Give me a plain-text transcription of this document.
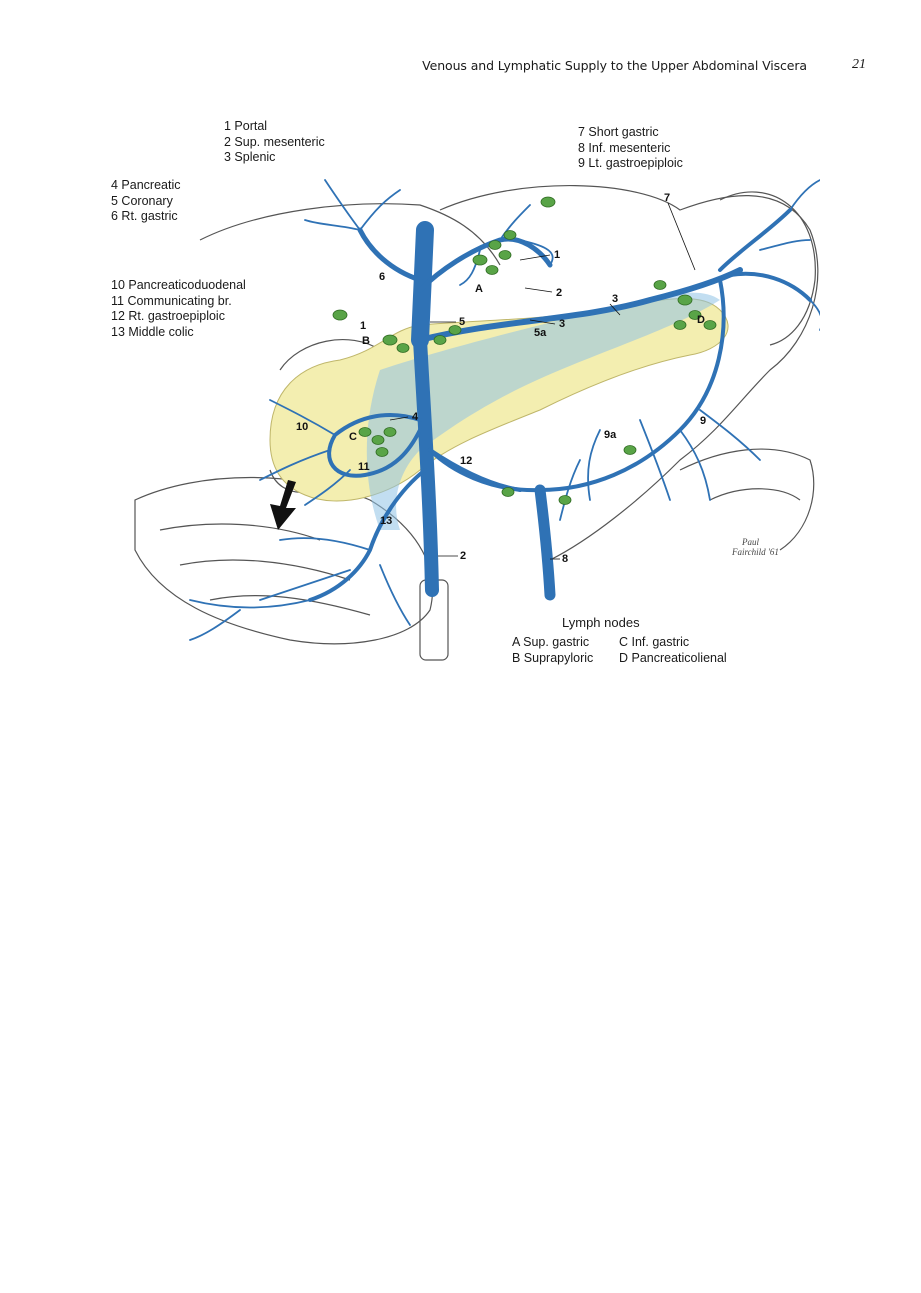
Venous and Lymphatic Supply to the Upper Abdominal Viscera	21
1 Portal
2 Sup. mesenteric
3 Splenic
4 Pancreatic
5 Coronary
6 Rt. gastric
10 Pancreaticoduodenal
11 Communicating br.
12 Rt. gastroepiploic
13 Middle colic
7 Short gastric
8 Inf. mesenteric
9 Lt. gastroepiploic
1
1
2
2
3
3
4
5
5a
6
7
8
9
9a
10
11	12
13
A
B
C
D
Paul
Fairchild '61
Lymph nodes
A Sup. gastric
B Suprapyloric
C Inf. gastric
D Pancreaticolienal
